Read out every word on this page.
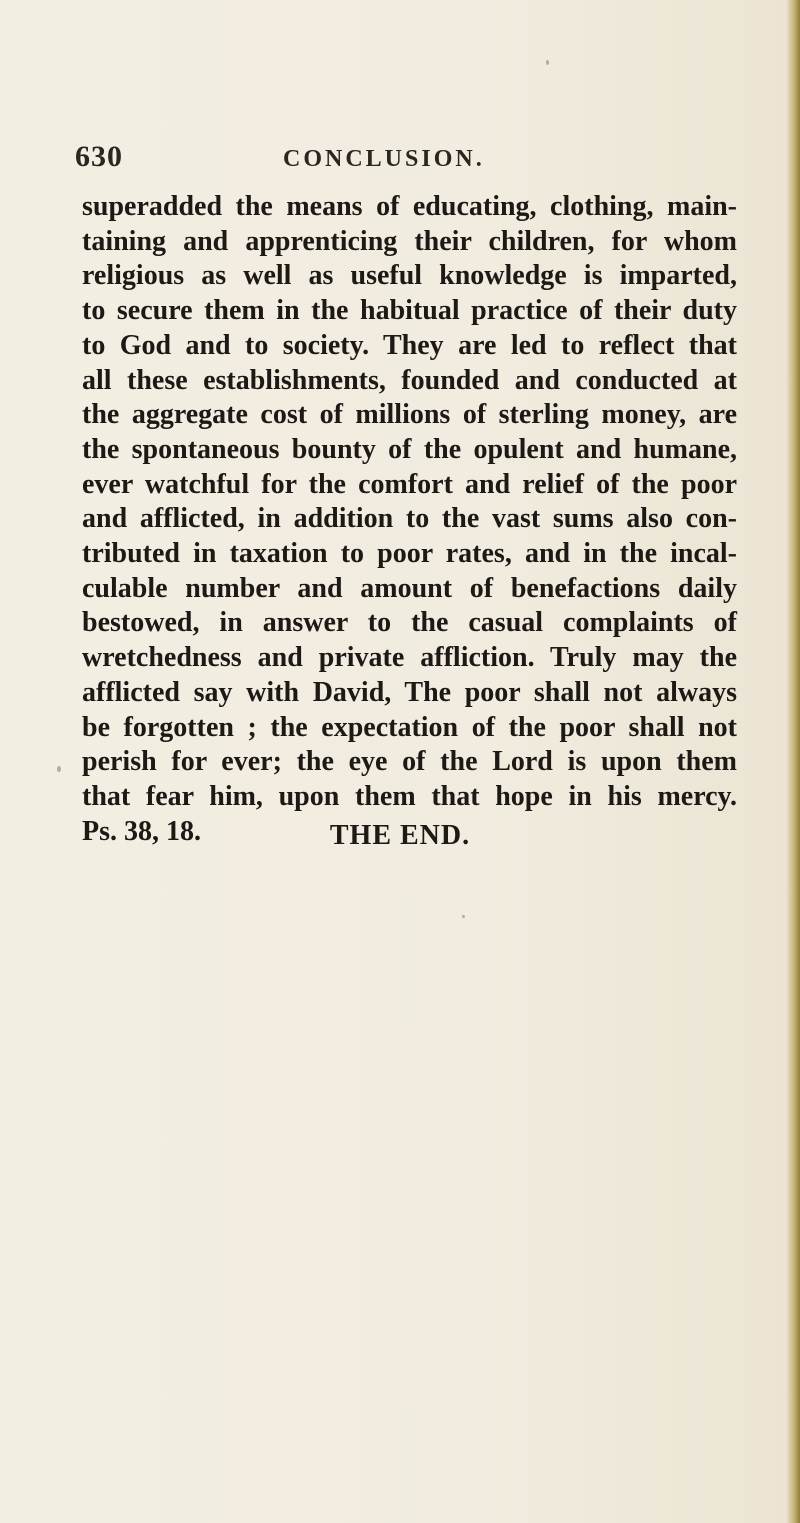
630	CONCLUSION.
superadded the means of educating, clothing, main-
taining and apprenticing their children, for whom
religious as well as useful knowledge is imparted,
to secure them in the habitual practice of their duty
to God and to society. They are led to reflect that
all these establishments, founded and conducted at
the aggregate cost of millions of sterling money, are
the spontaneous bounty of the opulent and humane,
ever watchful for the comfort and relief of the poor
and afflicted, in addition to the vast sums also con-
tributed in taxation to poor rates, and in the incal-
culable number and amount of benefactions daily
bestowed, in answer to the casual complaints of
wretchedness and private affliction. Truly may the
afflicted say with David, The poor shall not always
be forgotten ; the expectation of the poor shall not
perish for ever; the eye of the Lord is upon them
that fear him, upon them that hope in his mercy.
Ps. 38, 18.	THE END.
